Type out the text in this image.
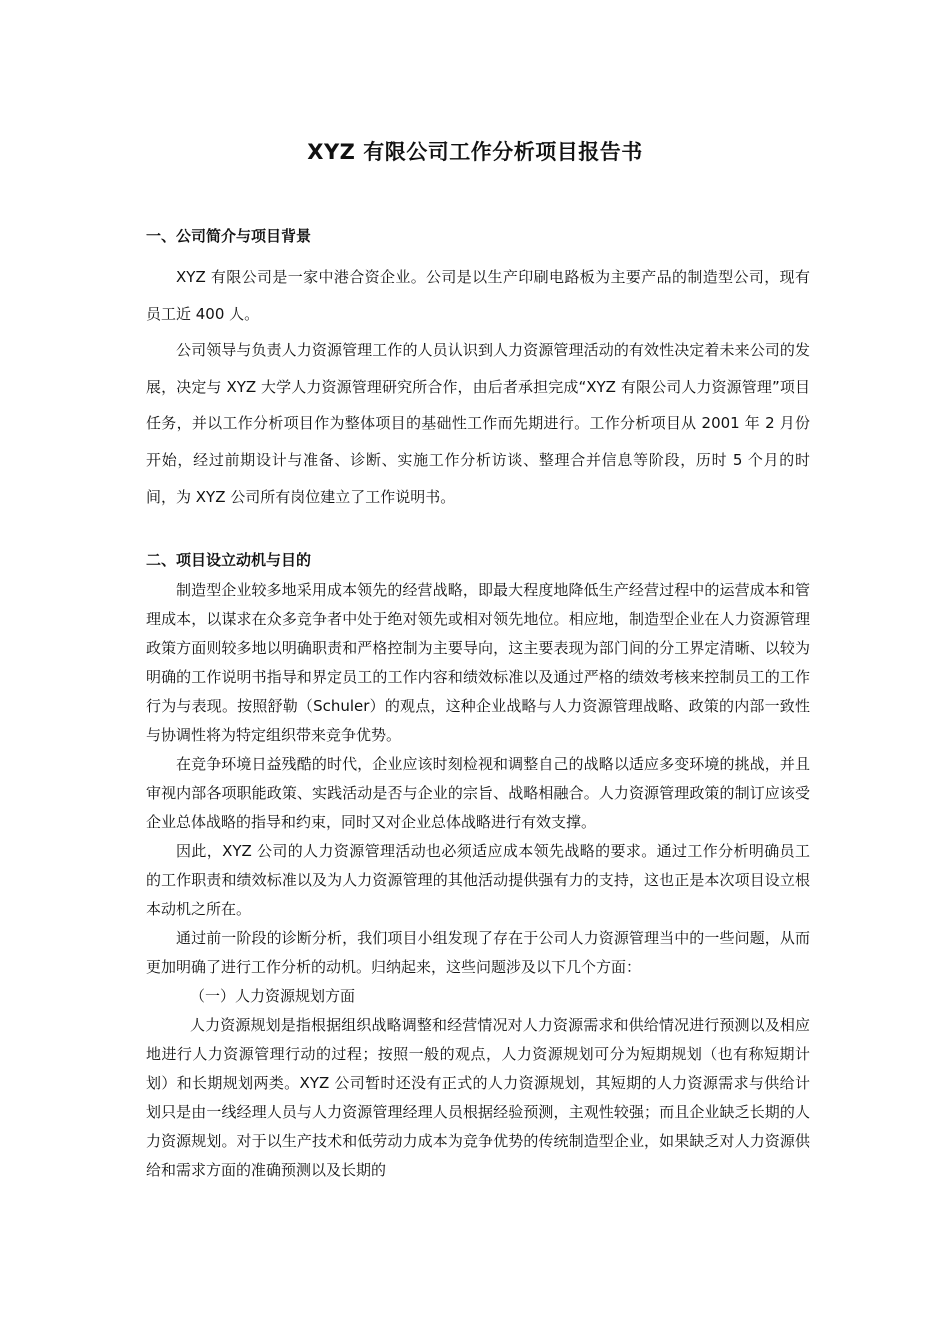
XYZ 有限公司工作分析项目报告书

一、公司简介与项目背景

XYZ 有限公司是一家中港合资企业。公司是以生产印刷电路板为主要产品的制造型公司，现有员工近 400 人。

公司领导与负责人力资源管理工作的人员认识到人力资源管理活动的有效性决定着未来公司的发展，决定与 XYZ 大学人力资源管理研究所合作，由后者承担完成“XYZ 有限公司人力资源管理”项目任务，并以工作分析项目作为整体项目的基础性工作而先期进行。工作分析项目从 2001 年 2 月份开始，经过前期设计与准备、诊断、实施工作分析访谈、整理合并信息等阶段，历时 5 个月的时间，为 XYZ 公司所有岗位建立了工作说明书。

二、项目设立动机与目的

制造型企业较多地采用成本领先的经营战略，即最大程度地降低生产经营过程中的运营成本和管理成本，以谋求在众多竞争者中处于绝对领先或相对领先地位。相应地，制造型企业在人力资源管理政策方面则较多地以明确职责和严格控制为主要导向，这主要表现为部门间的分工界定清晰、以较为明确的工作说明书指导和界定员工的工作内容和绩效标准以及通过严格的绩效考核来控制员工的工作行为与表现。按照舒勒（Schuler）的观点，这种企业战略与人力资源管理战略、政策的内部一致性与协调性将为特定组织带来竞争优势。

在竞争环境日益残酷的时代，企业应该时刻检视和调整自己的战略以适应多变环境的挑战，并且审视内部各项职能政策、实践活动是否与企业的宗旨、战略相融合。人力资源管理政策的制订应该受企业总体战略的指导和约束，同时又对企业总体战略进行有效支撑。

因此，XYZ 公司的人力资源管理活动也必须适应成本领先战略的要求。通过工作分析明确员工的工作职责和绩效标准以及为人力资源管理的其他活动提供强有力的支持，这也正是本次项目设立根本动机之所在。

通过前一阶段的诊断分析，我们项目小组发现了存在于公司人力资源管理当中的一些问题，从而更加明确了进行工作分析的动机。归纳起来，这些问题涉及以下几个方面：

（一）人力资源规划方面

人力资源规划是指根据组织战略调整和经营情况对人力资源需求和供给情况进行预测以及相应地进行人力资源管理行动的过程；按照一般的观点，人力资源规划可分为短期规划（也有称短期计划）和长期规划两类。XYZ 公司暂时还没有正式的人力资源规划，其短期的人力资源需求与供给计划只是由一线经理人员与人力资源管理经理人员根据经验预测，主观性较强；而且企业缺乏长期的人力资源规划。对于以生产技术和低劳动力成本为竞争优势的传统制造型企业，如果缺乏对人力资源供给和需求方面的准确预测以及长期的
